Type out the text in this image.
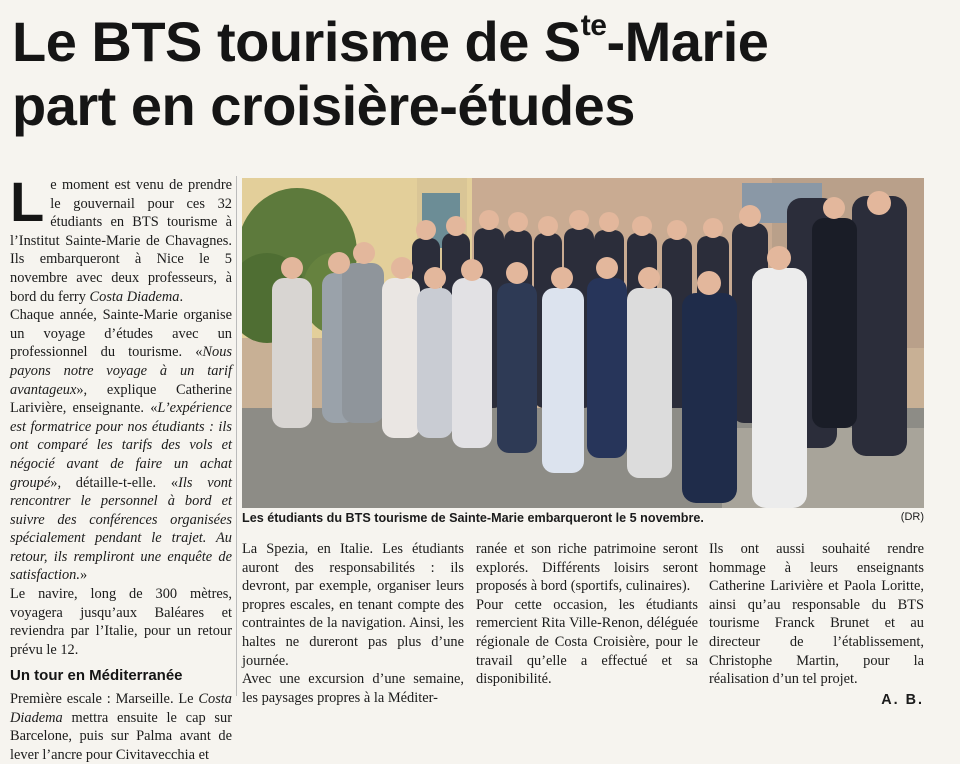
Le BTS tourisme de $S^{te}$-Marie
part en croisière-études

Le moment est venu de prendre le gouvernail pour ces 32 étudiants en BTS tourisme à l’Institut Sainte-Marie de Chavagnes. Ils embarqueront à Nice le 5 novembre avec deux professeurs, à bord du ferry Costa Diadema.

Chaque année, Sainte-Marie organise un voyage d’études avec un professionnel du tourisme. «Nous payons notre voyage à un tarif avantageux», explique Catherine Larivière, enseignante. «L’expérience est formatrice pour nos étudiants : ils ont comparé les tarifs des vols et négocié avant de faire un achat groupé», détaille-t-elle. «Ils vont rencontrer le personnel à bord et suivre des conférences organisées spécialement pendant le trajet. Au retour, ils rempliront une enquête de satisfaction.»

Le navire, long de 300 mètres, voyagera jusqu’aux Baléares et reviendra par l’Italie, pour un retour prévu le 12.

Un tour en Méditerranée

Première escale : Marseille. Le Costa Diadema mettra ensuite le cap sur Barcelone, puis sur Palma avant de lever l’ancre pour Civitavecchia et

Les étudiants du BTS tourisme de Sainte-Marie embarqueront le 5 novembre.	(DR)

La Spezia, en Italie. Les étudiants auront des responsabilités : ils devront, par exemple, organiser leurs propres escales, en tenant compte des contraintes de la navigation. Ainsi, les haltes ne dureront pas plus d’une journée.

Avec une excursion d’une semaine, les paysages propres à la Méditer-

ranée et son riche patrimoine seront explorés. Différents loisirs seront proposés à bord (sportifs, culinaires).

Pour cette occasion, les étudiants remercient Rita Ville-Renon, déléguée régionale de Costa Croisière, pour le travail qu’elle a effectué et sa disponibilité.

Ils ont aussi souhaité rendre hommage à leurs enseignants Catherine Larivière et Paola Loritte, ainsi qu’au responsable du BTS tourisme Franck Brunet et au directeur de l’établissement, Christophe Martin, pour la réalisation d’un tel projet.

A. B.
